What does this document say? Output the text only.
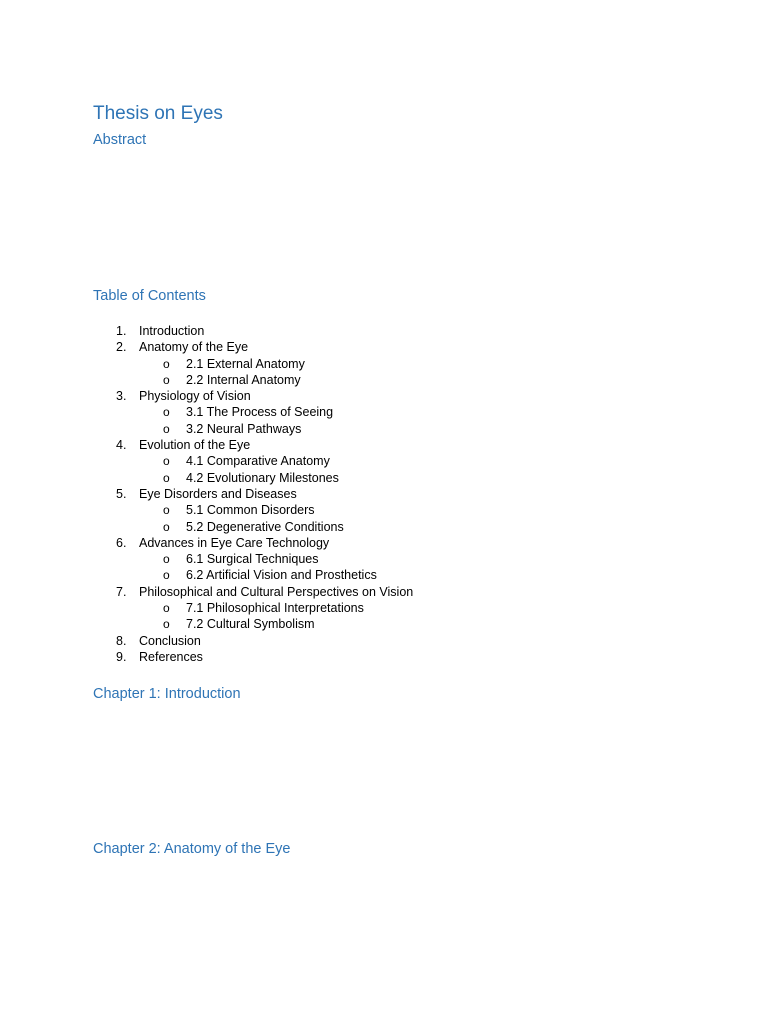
Thesis on Eyes
Abstract
Table of Contents
1. Introduction
2. Anatomy of the Eye
o 2.1 External Anatomy
o 2.2 Internal Anatomy
3. Physiology of Vision
o 3.1 The Process of Seeing
o 3.2 Neural Pathways
4. Evolution of the Eye
o 4.1 Comparative Anatomy
o 4.2 Evolutionary Milestones
5. Eye Disorders and Diseases
o 5.1 Common Disorders
o 5.2 Degenerative Conditions
6. Advances in Eye Care Technology
o 6.1 Surgical Techniques
o 6.2 Artificial Vision and Prosthetics
7. Philosophical and Cultural Perspectives on Vision
o 7.1 Philosophical Interpretations
o 7.2 Cultural Symbolism
8. Conclusion
9. References
Chapter 1: Introduction
Chapter 2: Anatomy of the Eye
